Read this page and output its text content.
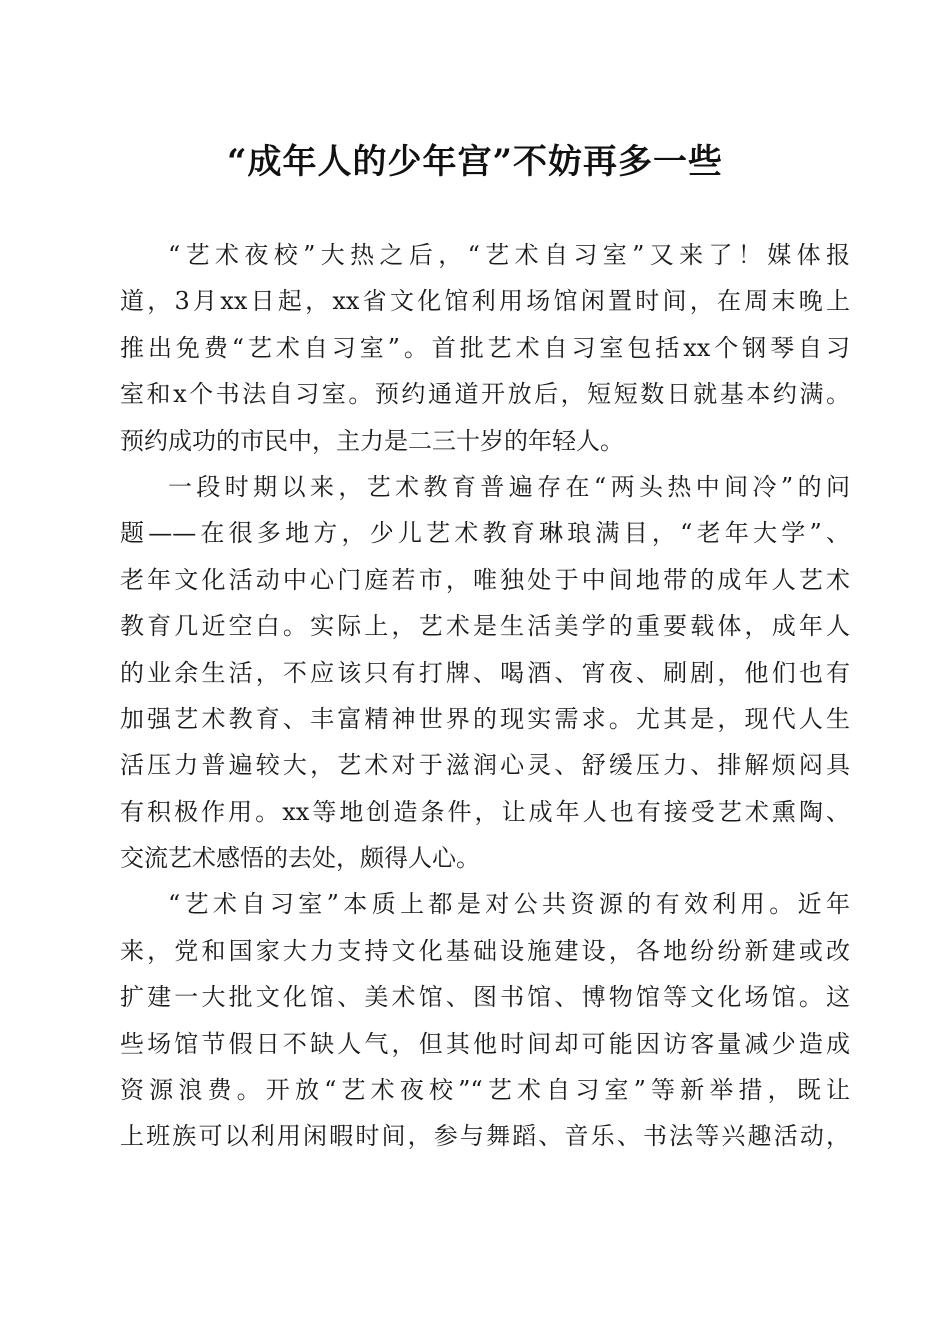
“成年人的少年宫”不妨再多一些
“艺术夜校”大热之后，“艺术自习室”又来了！媒体报
道，3月xx日起，xx省文化馆利用场馆闲置时间，在周末晚上
推出免费“艺术自习室”。首批艺术自习室包括xx个钢琴自习
室和x个书法自习室。预约通道开放后，短短数日就基本约满。
预约成功的市民中，主力是二三十岁的年轻人。
一段时期以来，艺术教育普遍存在“两头热中间冷”的问
题——在很多地方，少儿艺术教育琳琅满目，“老年大学”、
老年文化活动中心门庭若市，唯独处于中间地带的成年人艺术
教育几近空白。实际上，艺术是生活美学的重要载体，成年人
的业余生活，不应该只有打牌、喝酒、宵夜、刷剧，他们也有
加强艺术教育、丰富精神世界的现实需求。尤其是，现代人生
活压力普遍较大，艺术对于滋润心灵、舒缓压力、排解烦闷具
有积极作用。xx等地创造条件，让成年人也有接受艺术熏陶、
交流艺术感悟的去处，颇得人心。
“艺术自习室”本质上都是对公共资源的有效利用。近年
来，党和国家大力支持文化基础设施建设，各地纷纷新建或改
扩建一大批文化馆、美术馆、图书馆、博物馆等文化场馆。这
些场馆节假日不缺人气，但其他时间却可能因访客量减少造成
资源浪费。开放“艺术夜校”“艺术自习室”等新举措，既让
上班族可以利用闲暇时间，参与舞蹈、音乐、书法等兴趣活动，
